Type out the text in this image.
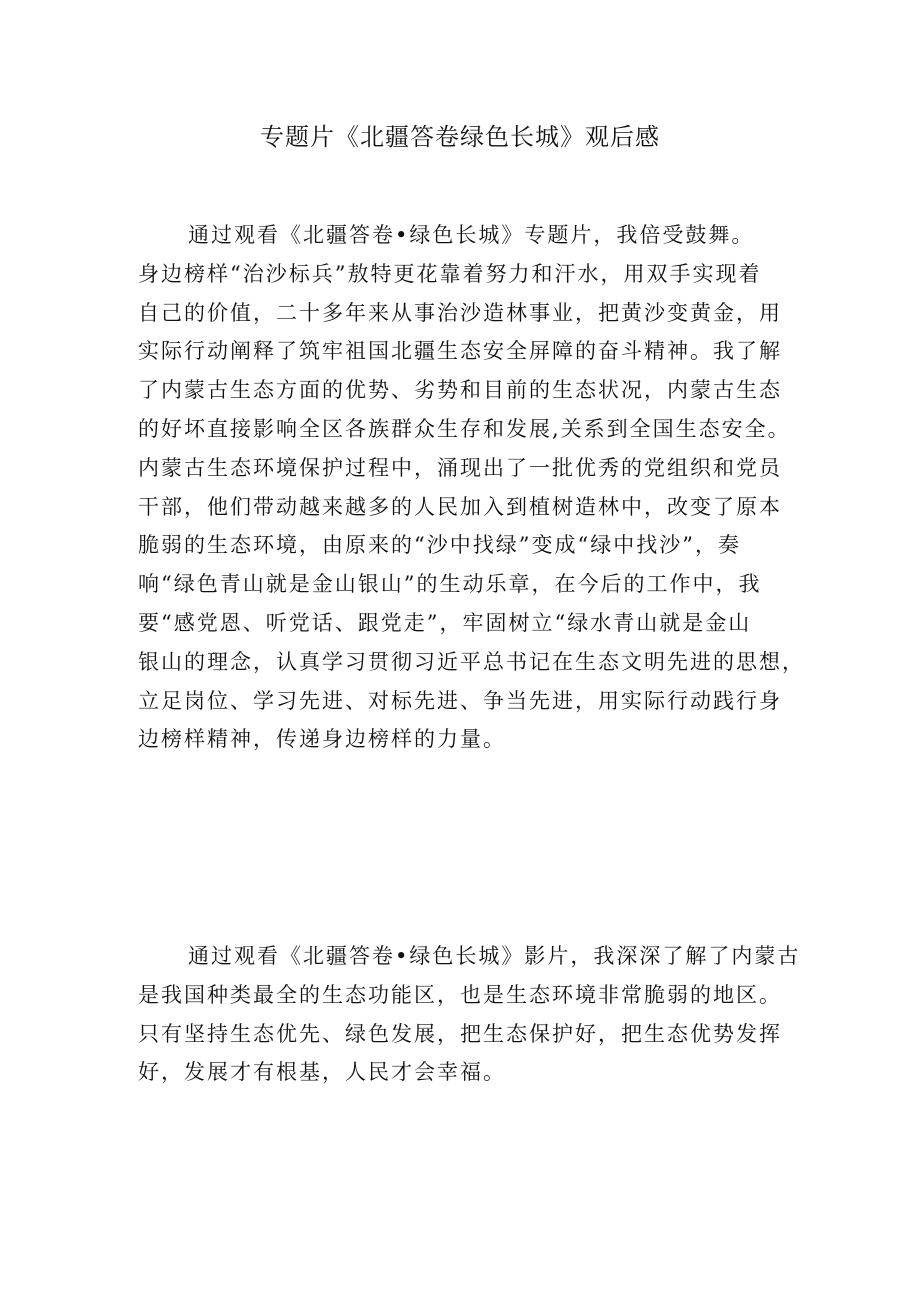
专题片《北疆答卷绿色长城》观后感
通过观看《北疆答卷•绿色长城》专题片，我倍受鼓舞。
身边榜样“治沙标兵”敖特更花靠着努力和汗水，用双手实现着
自己的价值，二十多年来从事治沙造林事业，把黄沙变黄金，用
实际行动阐释了筑牢祖国北疆生态安全屏障的奋斗精神。我了解
了内蒙古生态方面的优势、劣势和目前的生态状况，内蒙古生态
的好坏直接影响全区各族群众生存和发展,关系到全国生态安全。
内蒙古生态环境保护过程中，涌现出了一批优秀的党组织和党员
干部，他们带动越来越多的人民加入到植树造林中，改变了原本
脆弱的生态环境，由原来的“沙中找绿”变成“绿中找沙”，奏
响“绿色青山就是金山银山”的生动乐章，在今后的工作中，我
要“感党恩、听党话、跟党走”，牢固树立“绿水青山就是金山
银山的理念，认真学习贯彻习近平总书记在生态文明先进的思想，
立足岗位、学习先进、对标先进、争当先进，用实际行动践行身
边榜样精神，传递身边榜样的力量。
通过观看《北疆答卷•绿色长城》影片，我深深了解了内蒙古
是我国种类最全的生态功能区，也是生态环境非常脆弱的地区。
只有坚持生态优先、绿色发展，把生态保护好，把生态优势发挥
好，发展才有根基，人民才会幸福。
